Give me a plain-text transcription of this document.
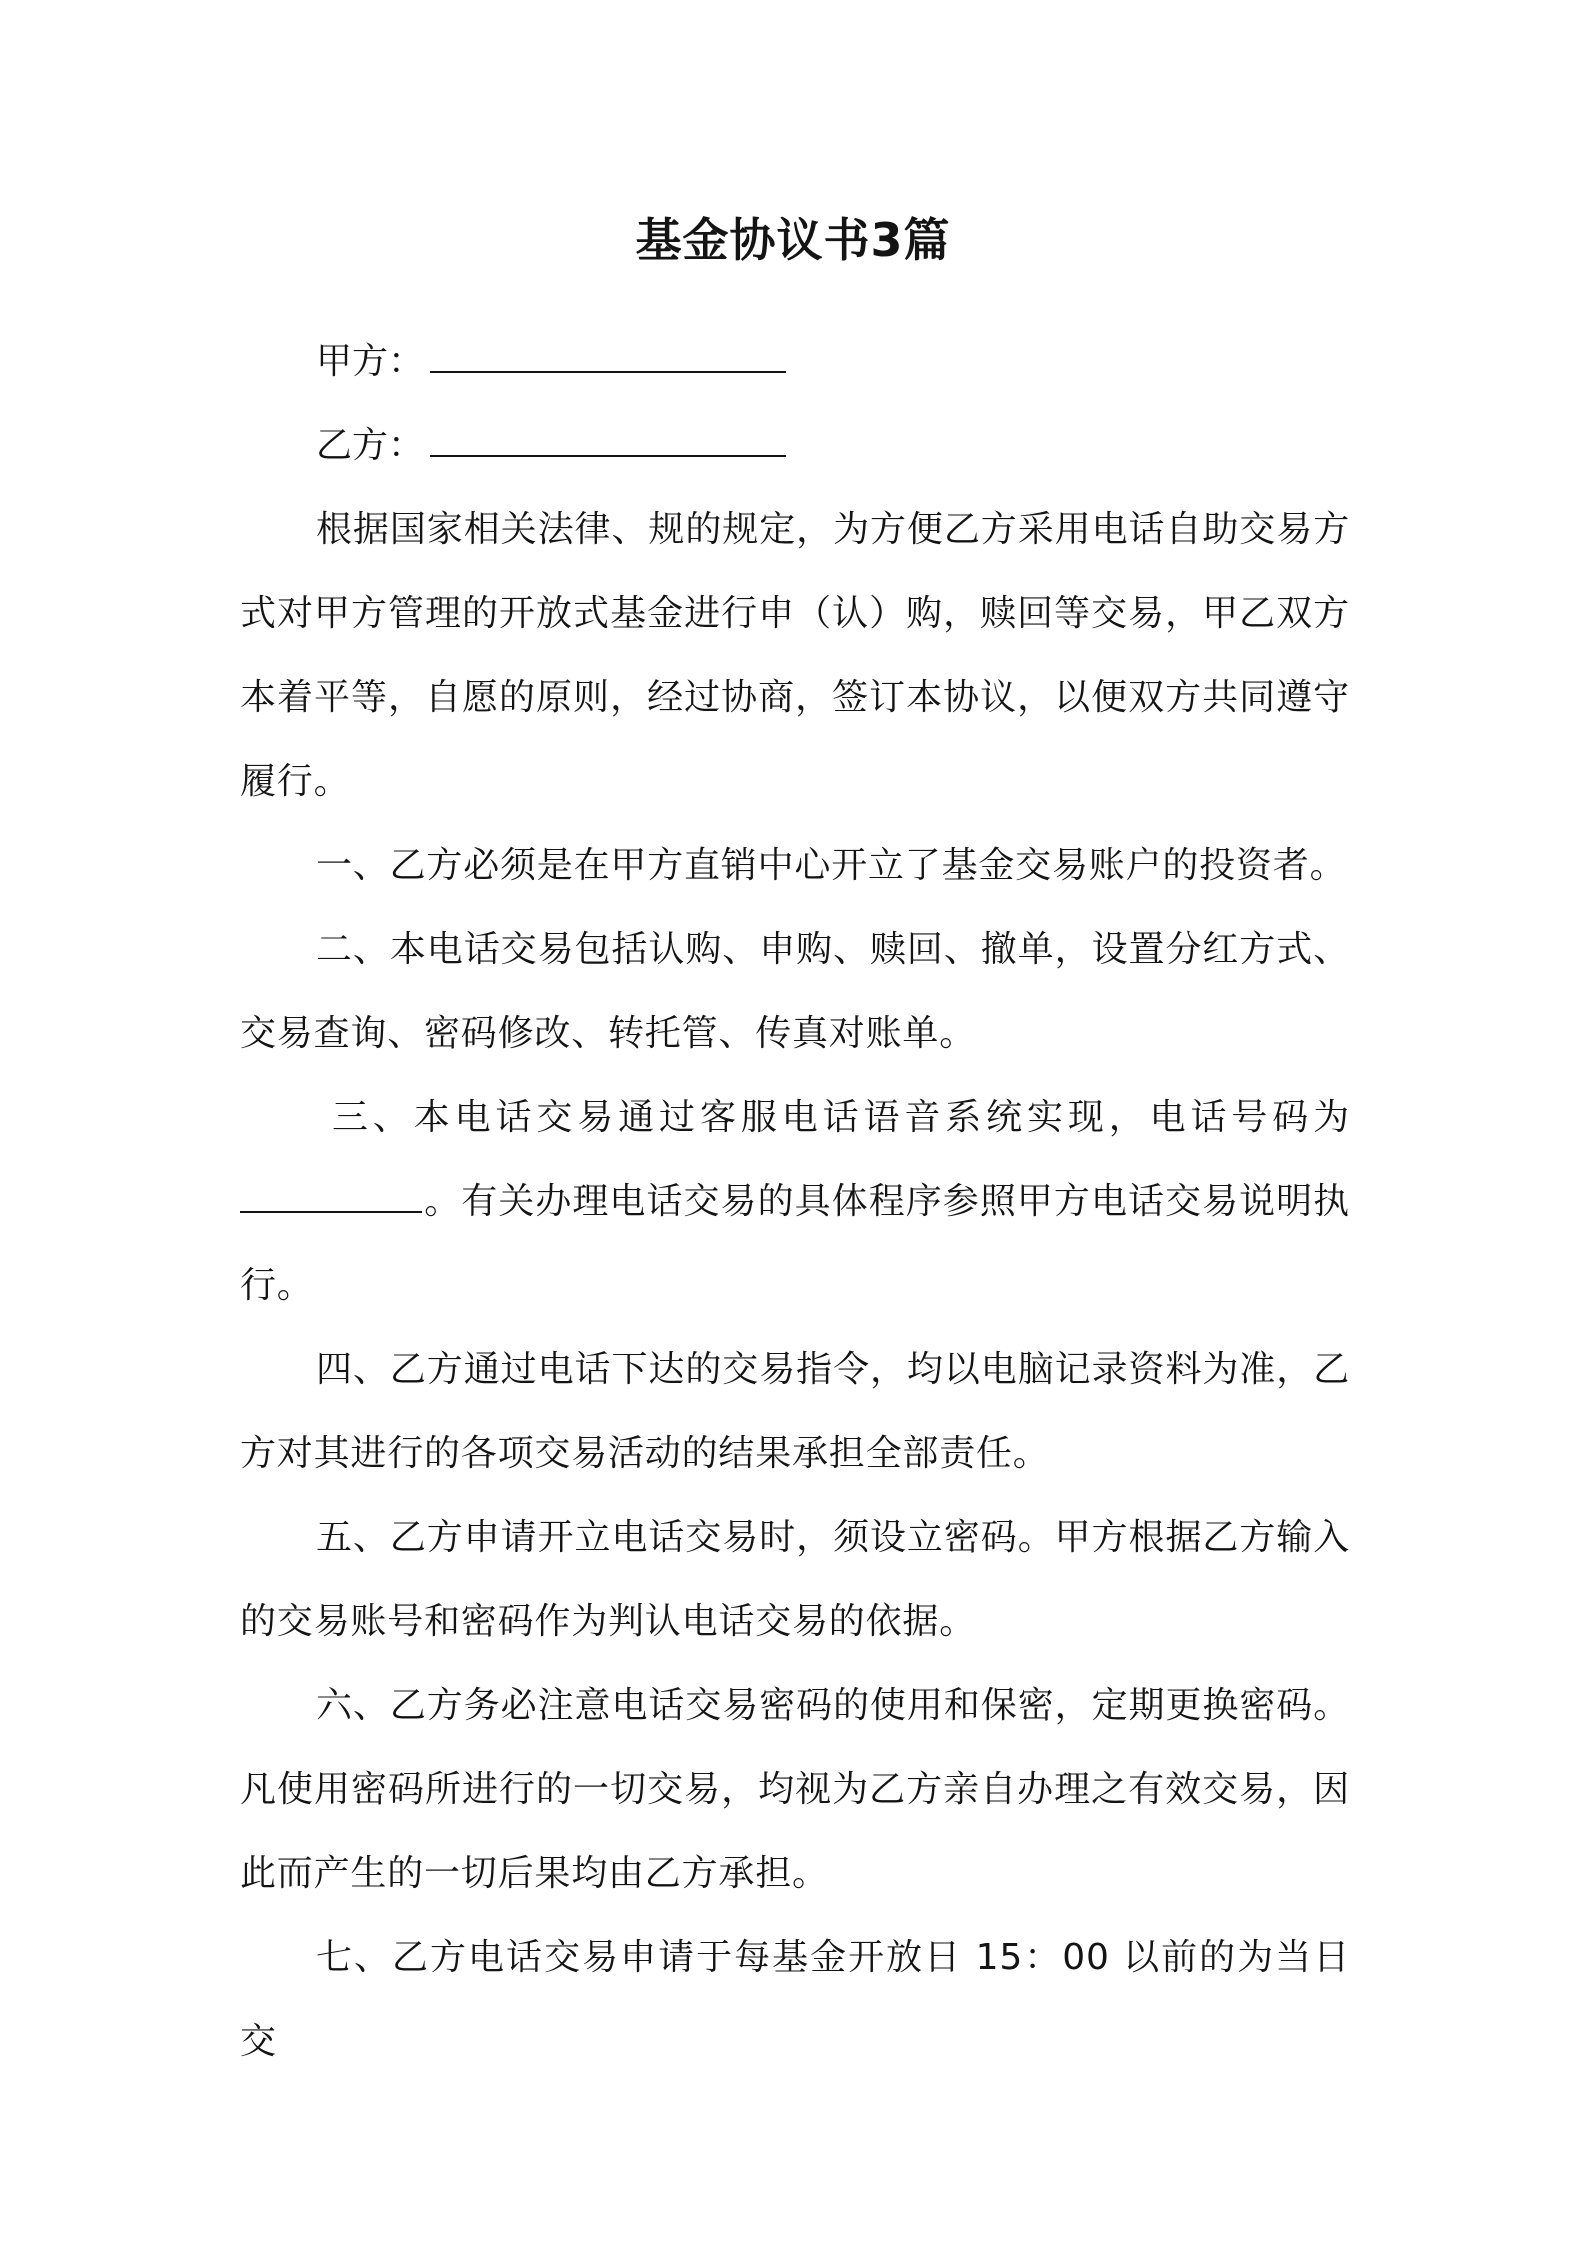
基金协议书3篇
甲方：
乙方：

根据国家相关法律、规的规定，为方便乙方采用电话自助交易方式对甲方管理的开放式基金进行申（认）购，赎回等交易，甲乙双方本着平等，自愿的原则，经过协商，签订本协议，以便双方共同遵守履行。

一、乙方必须是在甲方直销中心开立了基金交易账户的投资者。

二、本电话交易包括认购、申购、赎回、撤单，设置分红方式、交易查询、密码修改、转托管、传真对账单。

三、本电话交易通过客服电话语音系统实现，电话号码为。有关办理电话交易的具体程序参照甲方电话交易说明执行。

四、乙方通过电话下达的交易指令，均以电脑记录资料为准，乙方对其进行的各项交易活动的结果承担全部责任。

五、乙方申请开立电话交易时，须设立密码。甲方根据乙方输入的交易账号和密码作为判认电话交易的依据。

六、乙方务必注意电话交易密码的使用和保密，定期更换密码。凡使用密码所进行的一切交易，均视为乙方亲自办理之有效交易，因此而产生的一切后果均由乙方承担。

七、乙方电话交易申请于每基金开放日 15：00 以前的为当日交
